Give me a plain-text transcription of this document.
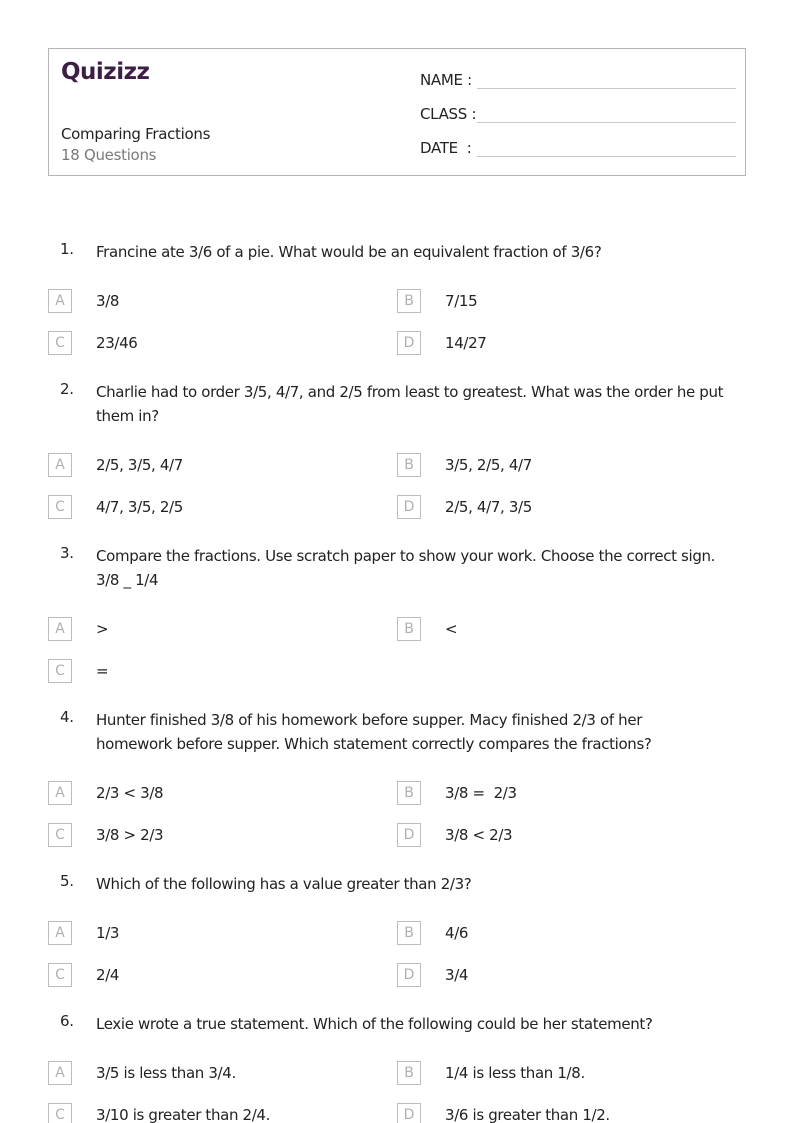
Quizizz
Comparing Fractions
18 Questions
NAME :
CLASS :
DATE  :
1. Francine ate 3/6 of a pie. What would be an equivalent fraction of 3/6?
A	3/8	B	7/15
C	23/46	D	14/27
2. Charlie had to order 3/5, 4/7, and 2/5 from least to greatest. What was the order he put them in?
A	2/5, 3/5, 4/7	B	3/5, 2/5, 4/7
C	4/7, 3/5, 2/5	D	2/5, 4/7, 3/5
3. Compare the fractions. Use scratch paper to show your work. Choose the correct sign.
3/8 _ 1/4
A	>	B	<
C	=
4. Hunter finished 3/8 of his homework before supper. Macy finished 2/3 of her homework before supper. Which statement correctly compares the fractions?
A	2/3 < 3/8	B	3/8 =  2/3
C	3/8 > 2/3	D	3/8 < 2/3
5. Which of the following has a value greater than 2/3?
A	1/3	B	4/6
C	2/4	D	3/4
6. Lexie wrote a true statement. Which of the following could be her statement?
A	3/5 is less than 3/4.	B	1/4 is less than 1/8.
C	3/10 is greater than 2/4.	D	3/6 is greater than 1/2.
